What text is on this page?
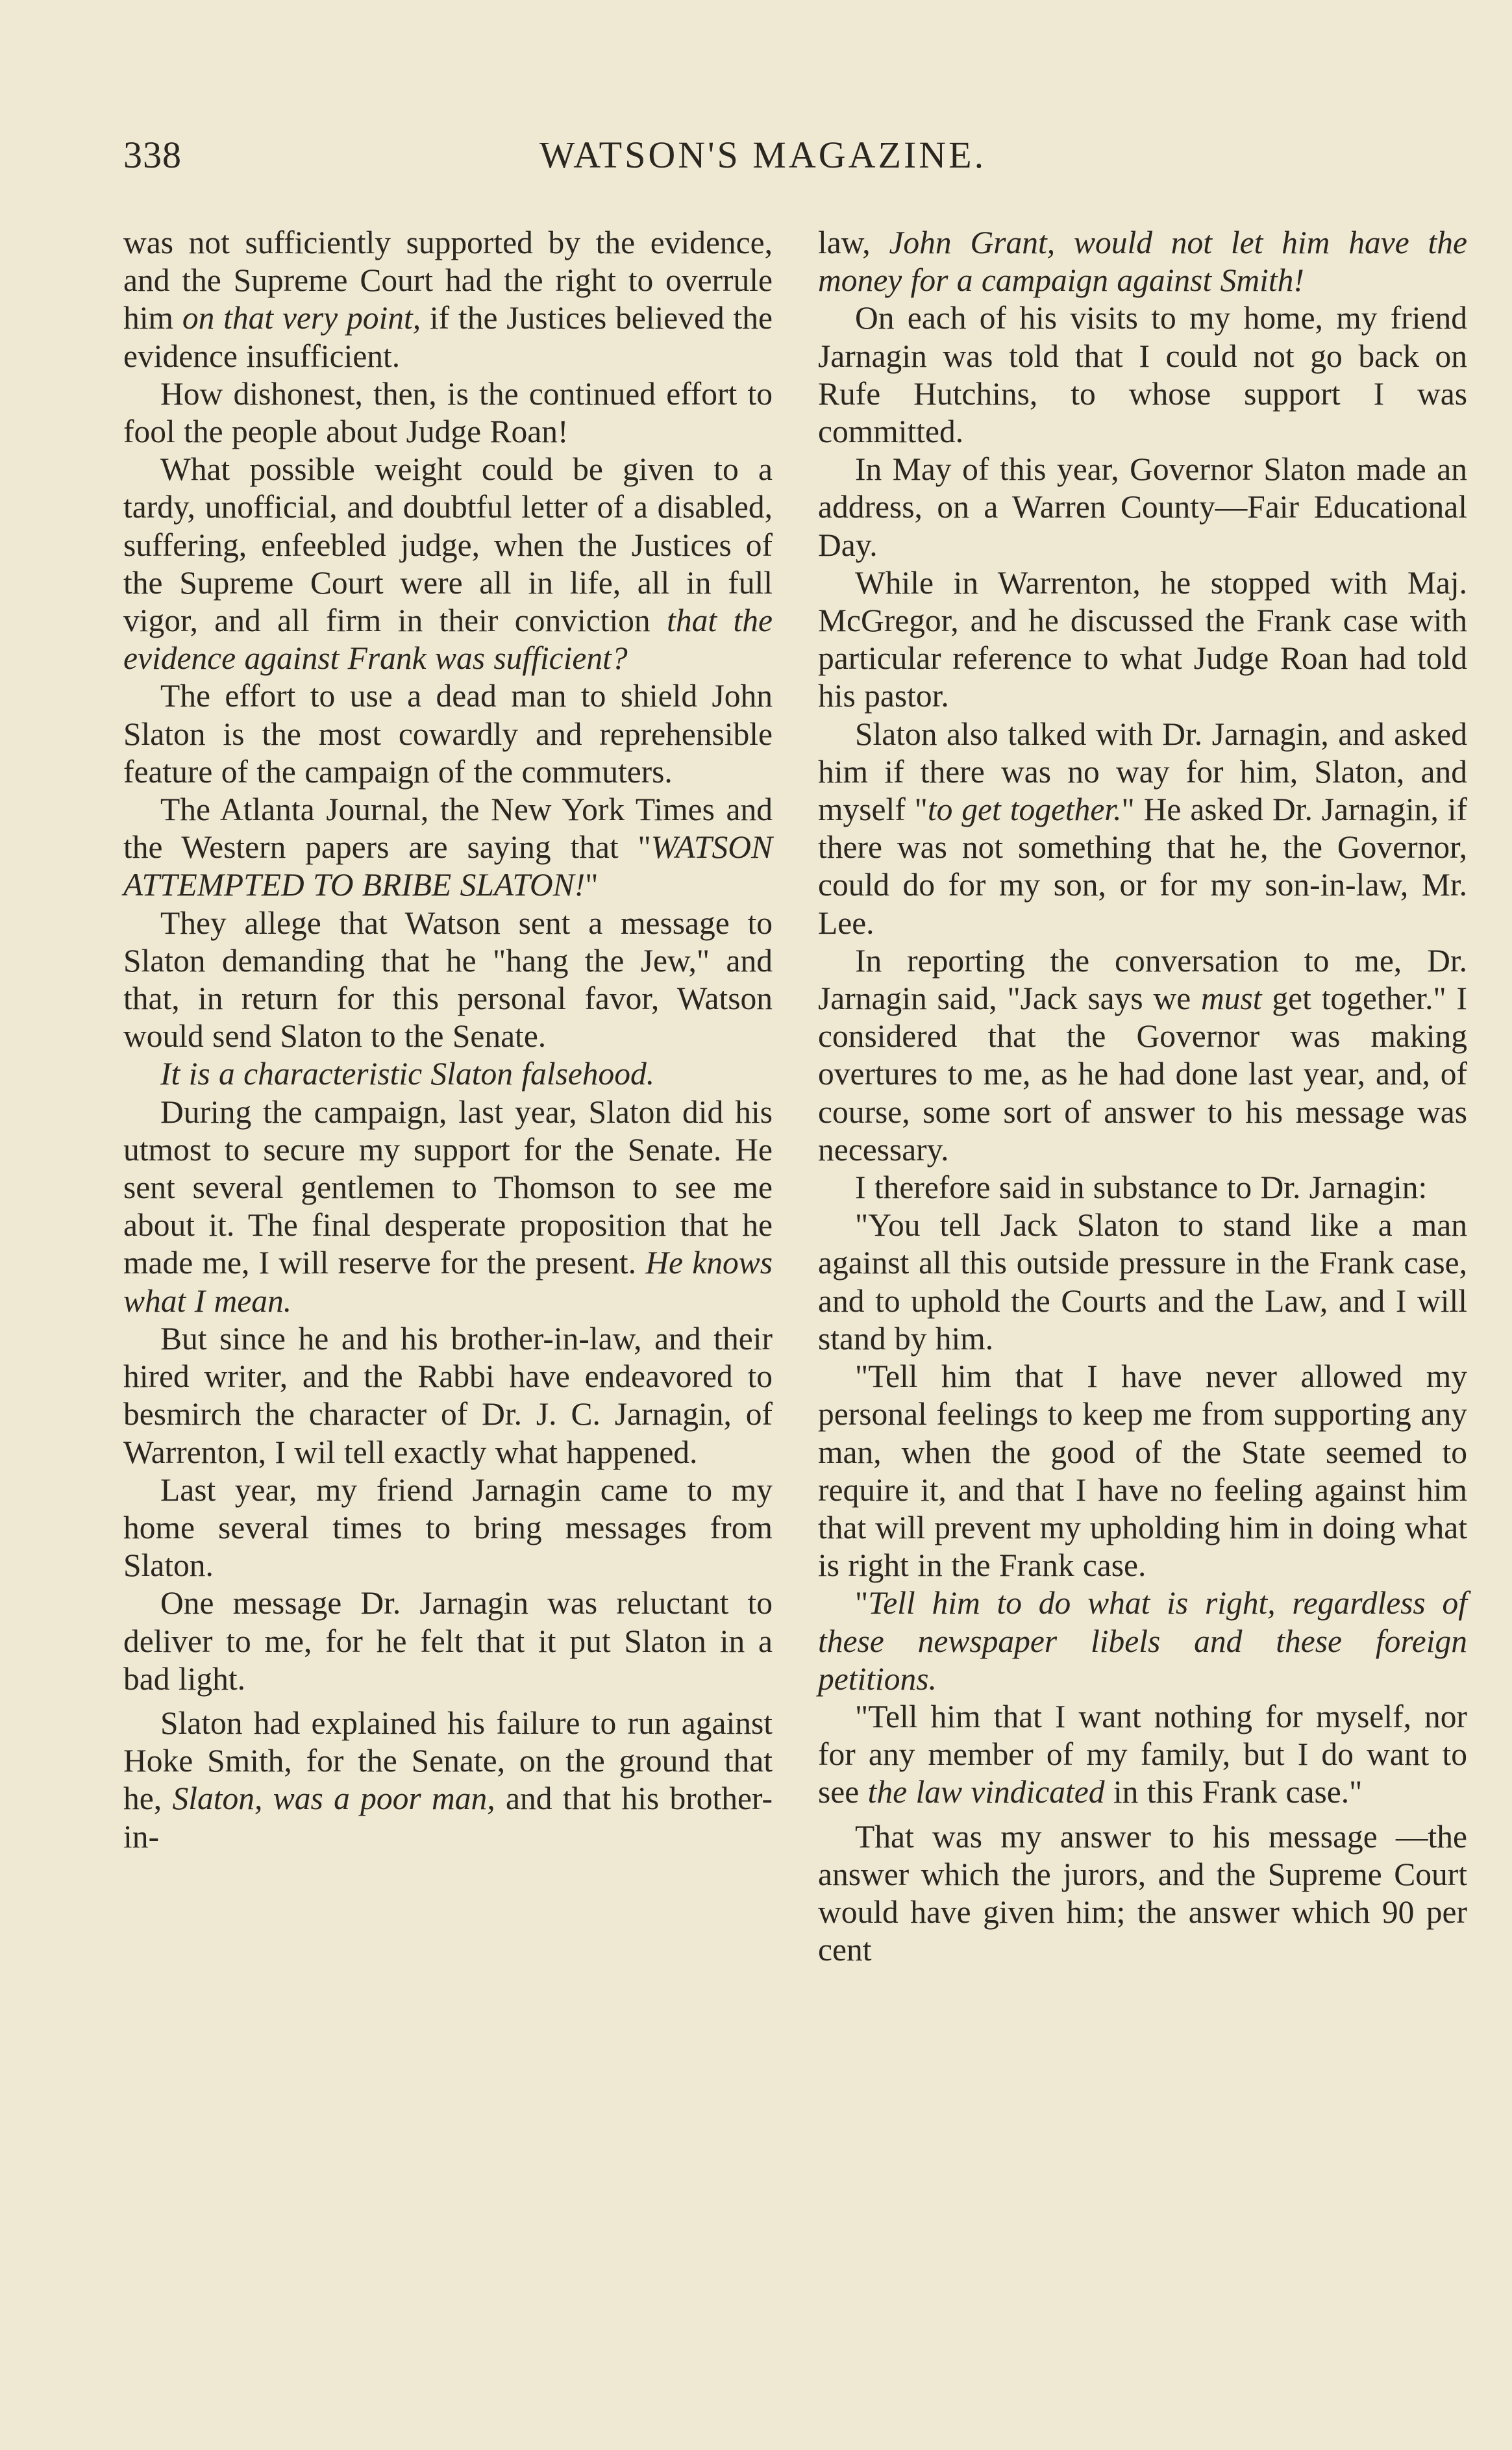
338	WATSON'S MAGAZINE.

was not sufficiently supported by the evidence, and the Supreme Court had the right to overrule him on that very point, if the Justices believed the evidence insufficient.

How dishonest, then, is the continued effort to fool the people about Judge Roan!

What possible weight could be given to a tardy, unofficial, and doubtful letter of a disabled, suffering, enfeebled judge, when the Justices of the Supreme Court were all in life, all in full vigor, and all firm in their conviction that the evidence against Frank was sufficient?

The effort to use a dead man to shield John Slaton is the most cowardly and reprehensible feature of the campaign of the commuters.

The Atlanta Journal, the New York Times and the Western papers are saying that "WATSON ATTEMPTED TO BRIBE SLATON!"

They allege that Watson sent a message to Slaton demanding that he "hang the Jew," and that, in return for this personal favor, Watson would send Slaton to the Senate.

It is a characteristic Slaton falsehood.

During the campaign, last year, Slaton did his utmost to secure my support for the Senate. He sent several gentlemen to Thomson to see me about it. The final desperate proposition that he made me, I will reserve for the present. He knows what I mean.

But since he and his brother-in-law, and their hired writer, and the Rabbi have endeavored to besmirch the character of Dr. J. C. Jarnagin, of Warrenton, I wil tell exactly what happened.

Last year, my friend Jarnagin came to my home several times to bring messages from Slaton.

One message Dr. Jarnagin was reluctant to deliver to me, for he felt that it put Slaton in a bad light.

Slaton had explained his failure to run against Hoke Smith, for the Senate, on the ground that he, Slaton, was a poor man, and that his brother-in-

law, John Grant, would not let him have the money for a campaign against Smith!

On each of his visits to my home, my friend Jarnagin was told that I could not go back on Rufe Hutchins, to whose support I was committed.

In May of this year, Governor Slaton made an address, on a Warren County—Fair Educational Day.

While in Warrenton, he stopped with Maj. McGregor, and he discussed the Frank case with particular reference to what Judge Roan had told his pastor.

Slaton also talked with Dr. Jarnagin, and asked him if there was no way for him, Slaton, and myself "to get together." He asked Dr. Jarnagin, if there was not something that he, the Governor, could do for my son, or for my son-in-law, Mr. Lee.

In reporting the conversation to me, Dr. Jarnagin said, "Jack says we must get together." I considered that the Governor was making overtures to me, as he had done last year, and, of course, some sort of answer to his message was necessary.

I therefore said in substance to Dr. Jarnagin:

"You tell Jack Slaton to stand like a man against all this outside pressure in the Frank case, and to uphold the Courts and the Law, and I will stand by him.

"Tell him that I have never allowed my personal feelings to keep me from supporting any man, when the good of the State seemed to require it, and that I have no feeling against him that will prevent my upholding him in doing what is right in the Frank case.

"Tell him to do what is right, regardless of these newspaper libels and these foreign petitions.

"Tell him that I want nothing for myself, nor for any member of my family, but I do want to see the law vindicated in this Frank case."

That was my answer to his message —the answer which the jurors, and the Supreme Court would have given him; the answer which 90 per cent
